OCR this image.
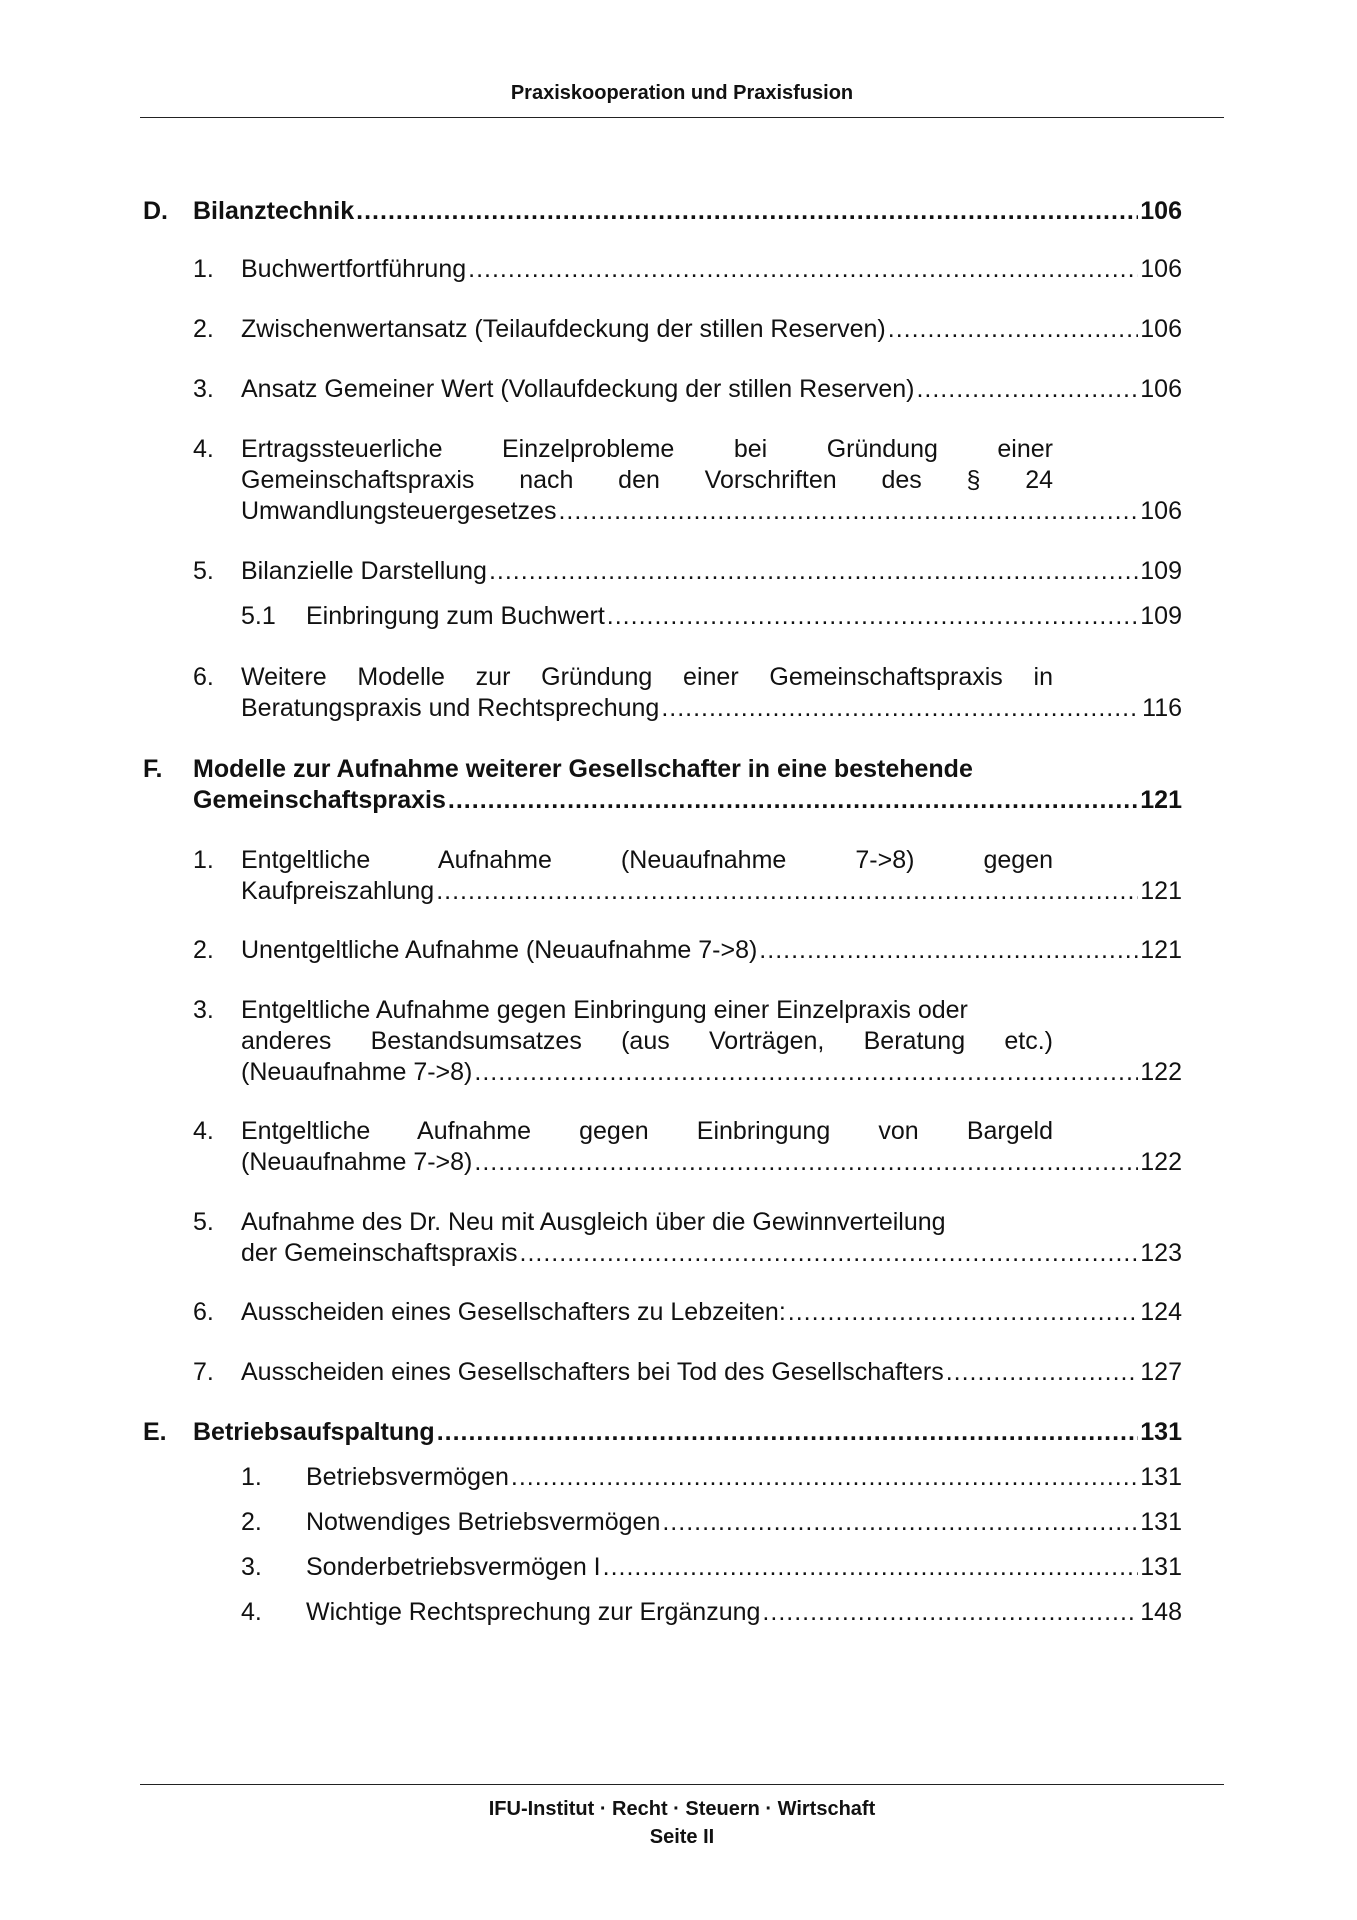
Praxiskooperation und Praxisfusion
D. Bilanztechnik .....	106
1. Buchwertfortführung .....	106
2. Zwischenwertansatz (Teilaufdeckung der stillen Reserven) .....	106
3. Ansatz Gemeiner Wert (Vollaufdeckung der stillen Reserven) .....	106
4. Ertragssteuerliche Einzelprobleme bei Gründung einer
Gemeinschaftspraxis nach den Vorschriften des § 24
Umwandlungsteuergesetzes .....	106
5. Bilanzielle Darstellung .....	109
5.1 Einbringung zum Buchwert .....	109
6. Weitere Modelle zur Gründung einer Gemeinschaftspraxis in
Beratungspraxis und Rechtsprechung .....	116
F. Modelle zur Aufnahme weiterer Gesellschafter in eine bestehende
Gemeinschaftspraxis .....	121
1. Entgeltliche Aufnahme (Neuaufnahme 7->8) gegen
Kaufpreiszahlung .....	121
2. Unentgeltliche Aufnahme (Neuaufnahme 7->8) .....	121
3. Entgeltliche Aufnahme gegen Einbringung einer Einzelpraxis oder
anderes Bestandsumsatzes (aus Vorträgen, Beratung etc.)
(Neuaufnahme 7->8) .....	122
4. Entgeltliche Aufnahme gegen Einbringung von Bargeld
(Neuaufnahme 7->8) .....	122
5. Aufnahme des Dr. Neu mit Ausgleich über die Gewinnverteilung
der Gemeinschaftspraxis .....	123
6. Ausscheiden eines Gesellschafters zu Lebzeiten: .....	124
7. Ausscheiden eines Gesellschafters bei Tod des Gesellschafters .....	127
E. Betriebsaufspaltung .....	131
1. Betriebsvermögen .....	131
2. Notwendiges Betriebsvermögen .....	131
3. Sonderbetriebsvermögen I .....	131
4. Wichtige Rechtsprechung zur Ergänzung .....	148
IFU-Institut · Recht · Steuern · Wirtschaft
Seite II
